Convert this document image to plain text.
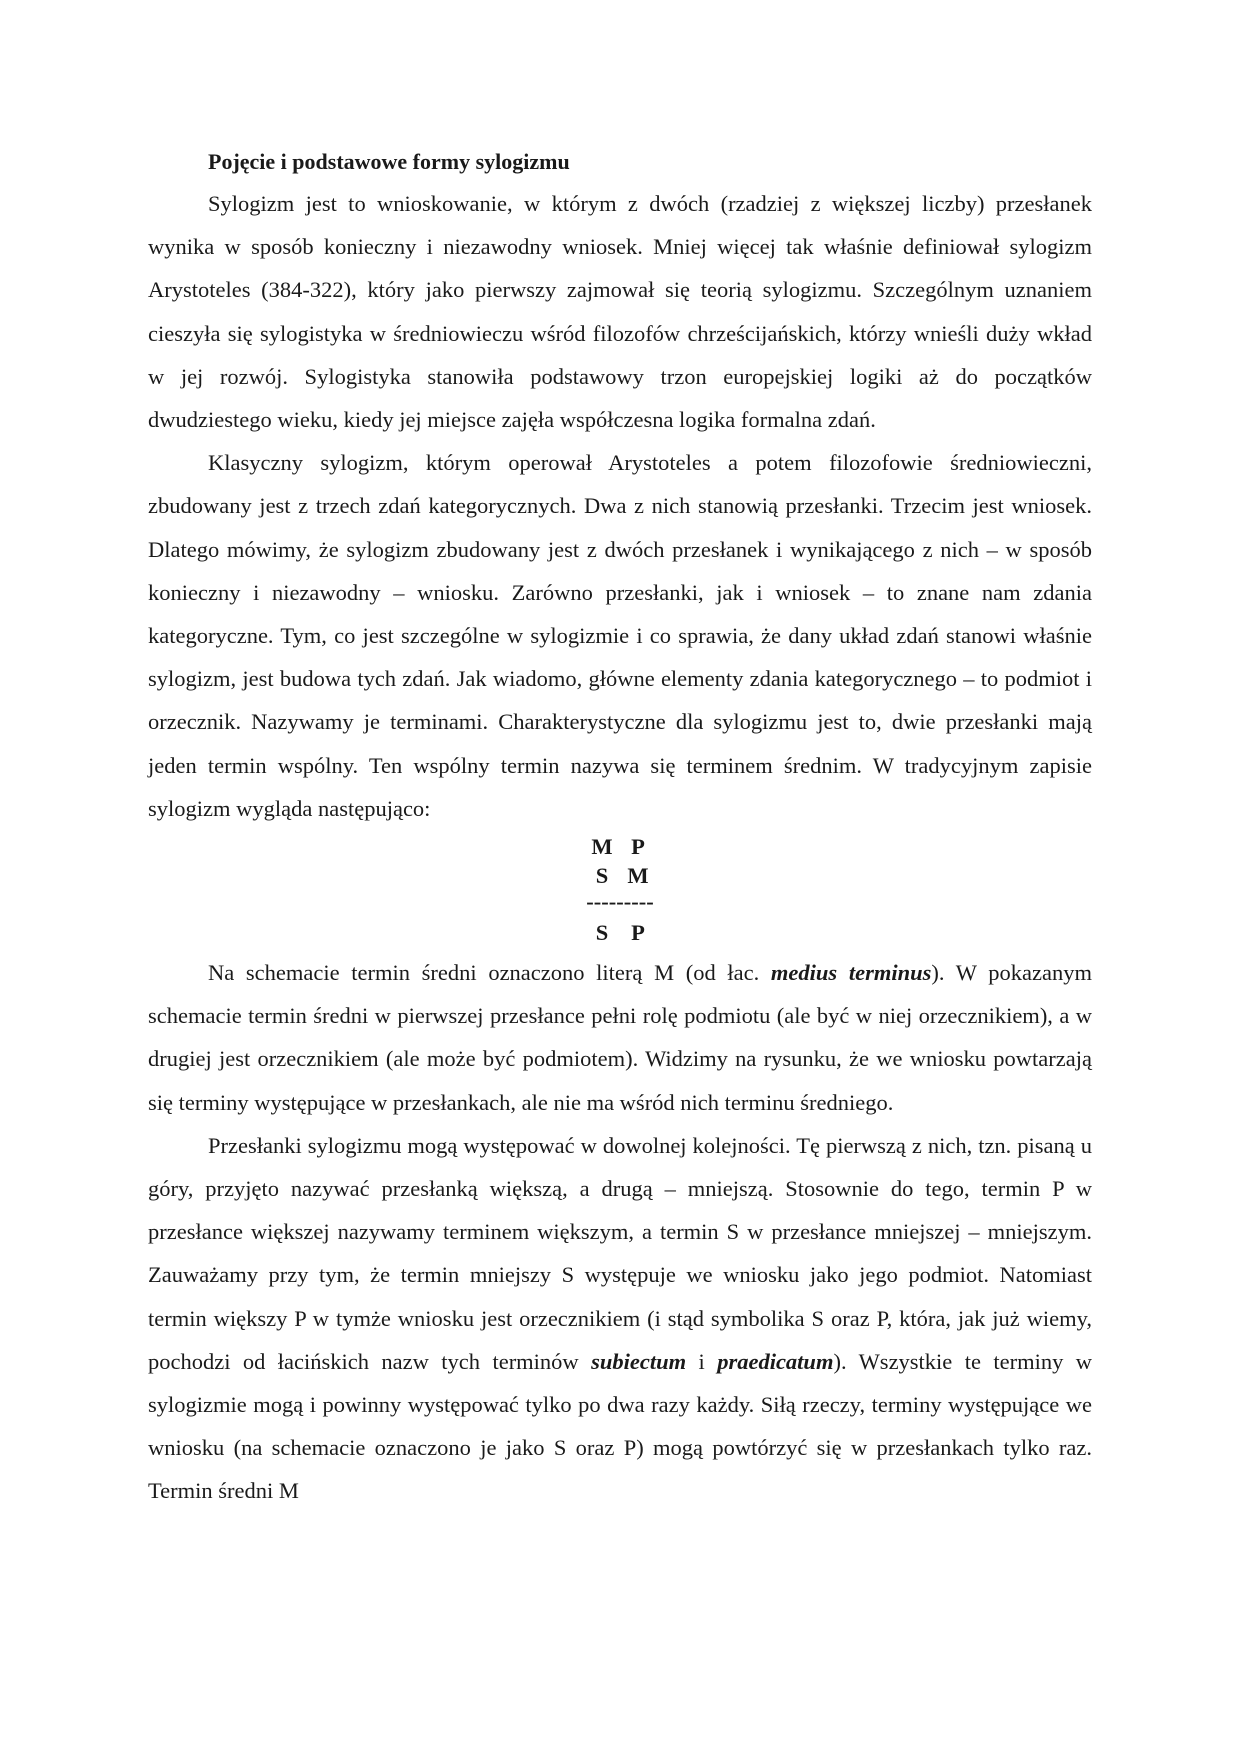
Pojęcie i podstawowe formy sylogizmu

Sylogizm jest to wnioskowanie, w którym z dwóch (rzadziej z większej liczby) przesłanek wynika w sposób konieczny i niezawodny wniosek. Mniej więcej tak właśnie definiował sylogizm Arystoteles (384-322), który jako pierwszy zajmował się teorią sylogizmu. Szczególnym uznaniem cieszyła się sylogistyka w średniowieczu wśród filozofów chrześcijańskich, którzy wnieśli duży wkład w jej rozwój. Sylogistyka stanowiła podstawowy trzon europejskiej logiki aż do początków dwudziestego wieku, kiedy jej miejsce zajęła współczesna logika formalna zdań.

Klasyczny sylogizm, którym operował Arystoteles a potem filozofowie średniowieczni, zbudowany jest z trzech zdań kategorycznych. Dwa z nich stanowią przesłanki. Trzecim jest wniosek. Dlatego mówimy, że sylogizm zbudowany jest z dwóch przesłanek i wynikającego z nich – w sposób konieczny i niezawodny – wniosku. Zarówno przesłanki, jak i wniosek – to znane nam zdania kategoryczne. Tym, co jest szczególne w sylogizmie i co sprawia, że dany układ zdań stanowi właśnie sylogizm, jest budowa tych zdań. Jak wiadomo, główne elementy zdania kategorycznego – to podmiot i orzecznik. Nazywamy je terminami. Charakterystyczne dla sylogizmu jest to, dwie przesłanki mają jeden termin wspólny. Ten wspólny termin nazywa się terminem średnim. W tradycyjnym zapisie sylogizm wygląda następująco:

M P
S M
---------
S P

Na schemacie termin średni oznaczono literą M (od łac. medius terminus). W pokazanym schemacie termin średni w pierwszej przesłance pełni rolę podmiotu (ale być w niej orzecznikiem), a w drugiej jest orzecznikiem (ale może być podmiotem). Widzimy na rysunku, że we wniosku powtarzają się terminy występujące w przesłankach, ale nie ma wśród nich terminu średniego.

Przesłanki sylogizmu mogą występować w dowolnej kolejności. Tę pierwszą z nich, tzn. pisaną u góry, przyjęto nazywać przesłanką większą, a drugą – mniejszą. Stosownie do tego, termin P w przesłance większej nazywamy terminem większym, a termin S w przesłance mniejszej – mniejszym. Zauważamy przy tym, że termin mniejszy S występuje we wniosku jako jego podmiot. Natomiast termin większy P w tymże wniosku jest orzecznikiem (i stąd symbolika S oraz P, która, jak już wiemy, pochodzi od łacińskich nazw tych terminów subiectum i praedicatum). Wszystkie te terminy w sylogizmie mogą i powinny występować tylko po dwa razy każdy. Siłą rzeczy, terminy występujące we wniosku (na schemacie oznaczono je jako S oraz P) mogą powtórzyć się w przesłankach tylko raz. Termin średni M
